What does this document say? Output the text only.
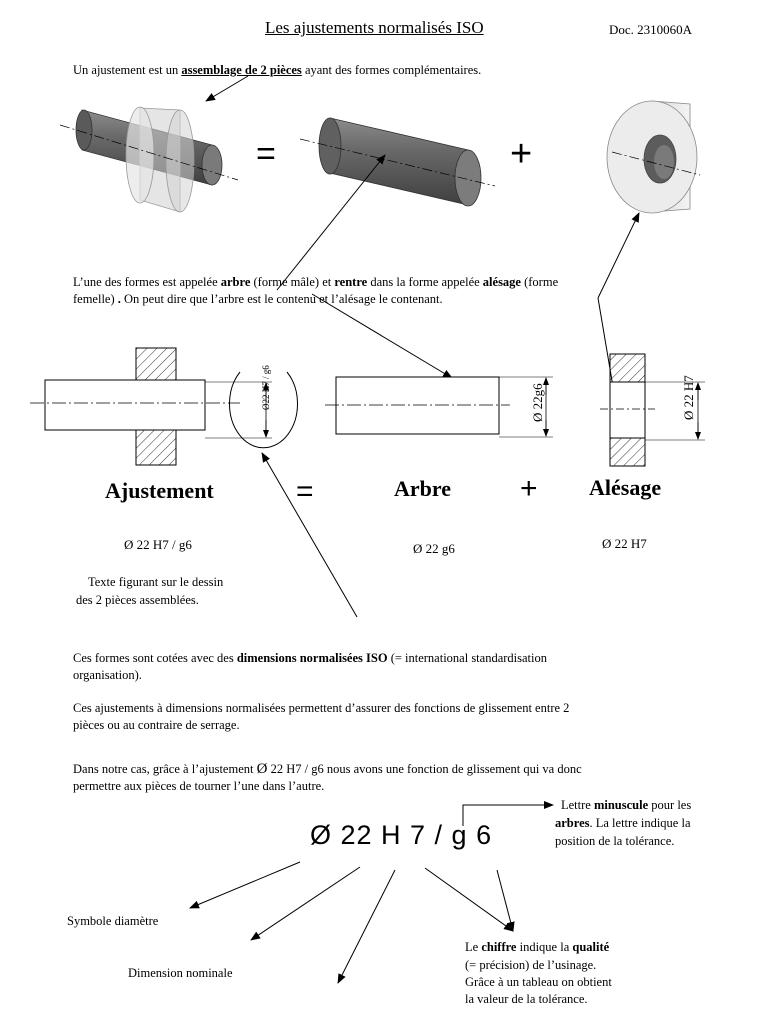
Les ajustements normalisés ISO	Doc. 2310060A
Un ajustement est un assemblage de 2 pièces ayant des formes complémentaires.
=	+
L’une des formes est appelée arbre (forme mâle) et rentre dans la forme appelée alésage (forme
femelle) . On peut dire que l’arbre est le contenu et l’alésage le contenant.
Ø22 H7 / g6	Ø 22g6	Ø 22 H7
Ajustement	=	Arbre + Alésage
Ø 22 H7 / g6	Ø 22 g6	Ø 22 H7
Texte figurant sur le dessin
des 2 pièces assemblées.
Ces formes sont cotées avec des dimensions normalisées ISO (= international standardisation
organisation).
Ces ajustements à dimensions normalisées permettent d’assurer des fonctions de glissement entre 2
pièces ou au contraire de serrage.
Dans notre cas, grâce à l’ajustement Ø 22 H7 / g6 nous avons une fonction de glissement qui va donc
permettre aux pièces de tourner l’une dans l’autre.
Ø 22 H 7 / g 6
Lettre minuscule pour les
arbres. La lettre indique la
position de la tolérance.
Symbole diamètre
Dimension nominale
Le chiffre indique la qualité
(= précision) de l’usinage.
Grâce à un tableau on obtient
la valeur de la tolérance.
